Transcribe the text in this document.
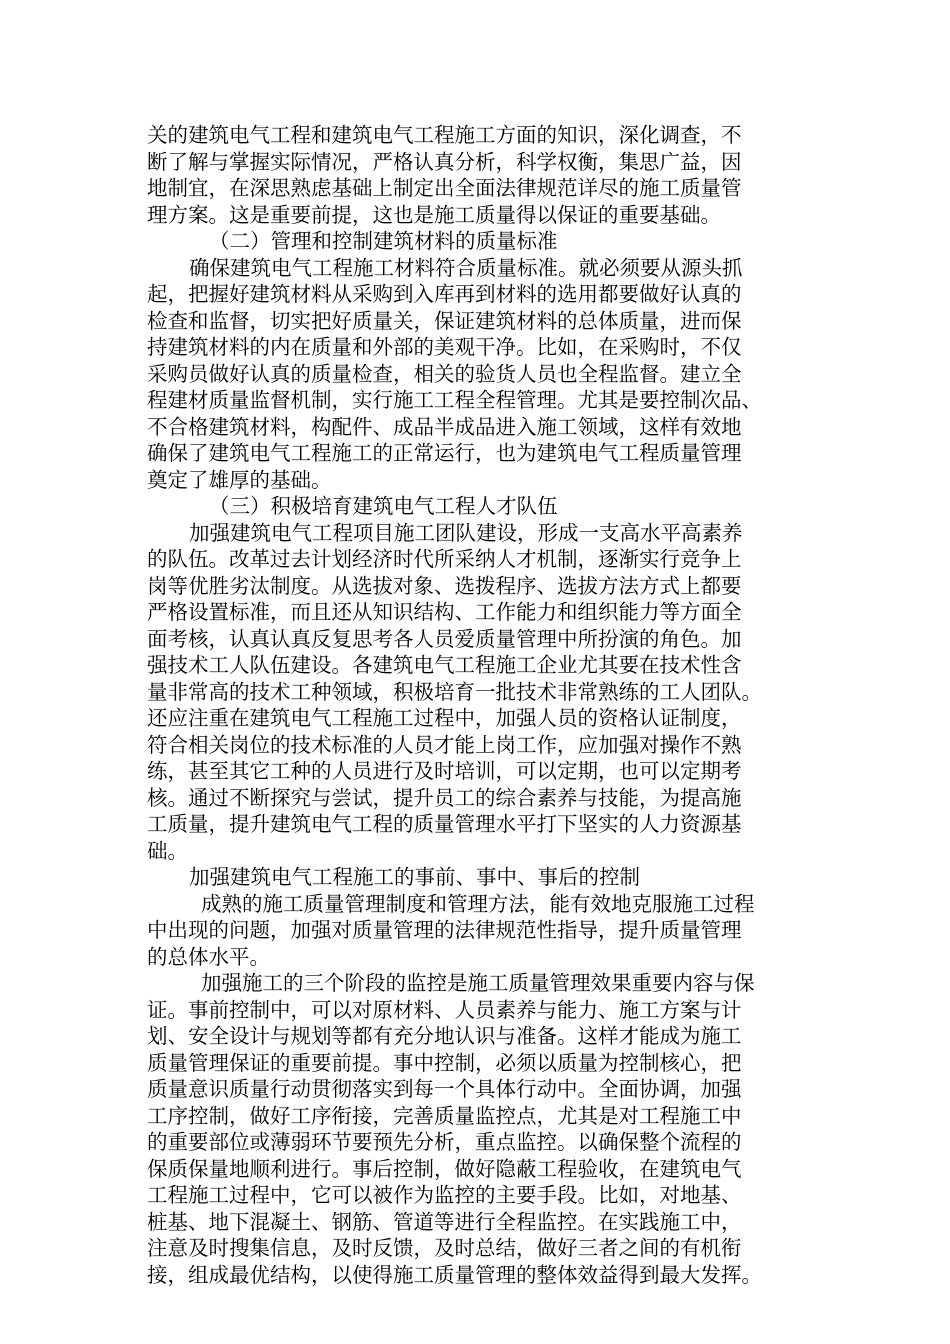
关的建筑电气工程和建筑电气工程施工方面的知识，深化调查，不
断了解与掌握实际情况，严格认真分析，科学权衡，集思广益，因
地制宜，在深思熟虑基础上制定出全面法律规范详尽的施工质量管
理方案。这是重要前提，这也是施工质量得以保证的重要基础。
（二）管理和控制建筑材料的质量标准
确保建筑电气工程施工材料符合质量标准。就必须要从源头抓
起，把握好建筑材料从采购到入库再到材料的选用都要做好认真的
检查和监督，切实把好质量关，保证建筑材料的总体质量，进而保
持建筑材料的内在质量和外部的美观干净。比如，在采购时，不仅
采购员做好认真的质量检查，相关的验货人员也全程监督。建立全
程建材质量监督机制，实行施工工程全程管理。尤其是要控制次品、
不合格建筑材料，构配件、成品半成品进入施工领域，这样有效地
确保了建筑电气工程施工的正常运行，也为建筑电气工程质量管理
奠定了雄厚的基础。
（三）积极培育建筑电气工程人才队伍
加强建筑电气工程项目施工团队建设，形成一支高水平高素养
的队伍。改革过去计划经济时代所采纳人才机制，逐渐实行竞争上
岗等优胜劣汰制度。从选拔对象、选拨程序、选拔方法方式上都要
严格设置标准，而且还从知识结构、工作能力和组织能力等方面全
面考核，认真认真反复思考各人员爱质量管理中所扮演的角色。加
强技术工人队伍建设。各建筑电气工程施工企业尤其要在技术性含
量非常高的技术工种领域，积极培育一批技术非常熟练的工人团队。
还应注重在建筑电气工程施工过程中，加强人员的资格认证制度，
符合相关岗位的技术标准的人员才能上岗工作，应加强对操作不熟
练，甚至其它工种的人员进行及时培训，可以定期，也可以定期考
核。通过不断探究与尝试，提升员工的综合素养与技能，为提高施
工质量，提升建筑电气工程的质量管理水平打下坚实的人力资源基
础。
加强建筑电气工程施工的事前、事中、事后的控制
成熟的施工质量管理制度和管理方法，能有效地克服施工过程
中出现的问题，加强对质量管理的法律规范性指导，提升质量管理
的总体水平。
加强施工的三个阶段的监控是施工质量管理效果重要内容与保
证。事前控制中，可以对原材料、人员素养与能力、施工方案与计
划、安全设计与规划等都有充分地认识与准备。这样才能成为施工
质量管理保证的重要前提。事中控制，必须以质量为控制核心，把
质量意识质量行动贯彻落实到每一个具体行动中。全面协调，加强
工序控制，做好工序衔接，完善质量监控点，尤其是对工程施工中
的重要部位或薄弱环节要预先分析，重点监控。以确保整个流程的
保质保量地顺利进行。事后控制，做好隐蔽工程验收，在建筑电气
工程施工过程中，它可以被作为监控的主要手段。比如，对地基、
桩基、地下混凝土、钢筋、管道等进行全程监控。在实践施工中，
注意及时搜集信息，及时反馈，及时总结，做好三者之间的有机衔
接，组成最优结构，以使得施工质量管理的整体效益得到最大发挥。
